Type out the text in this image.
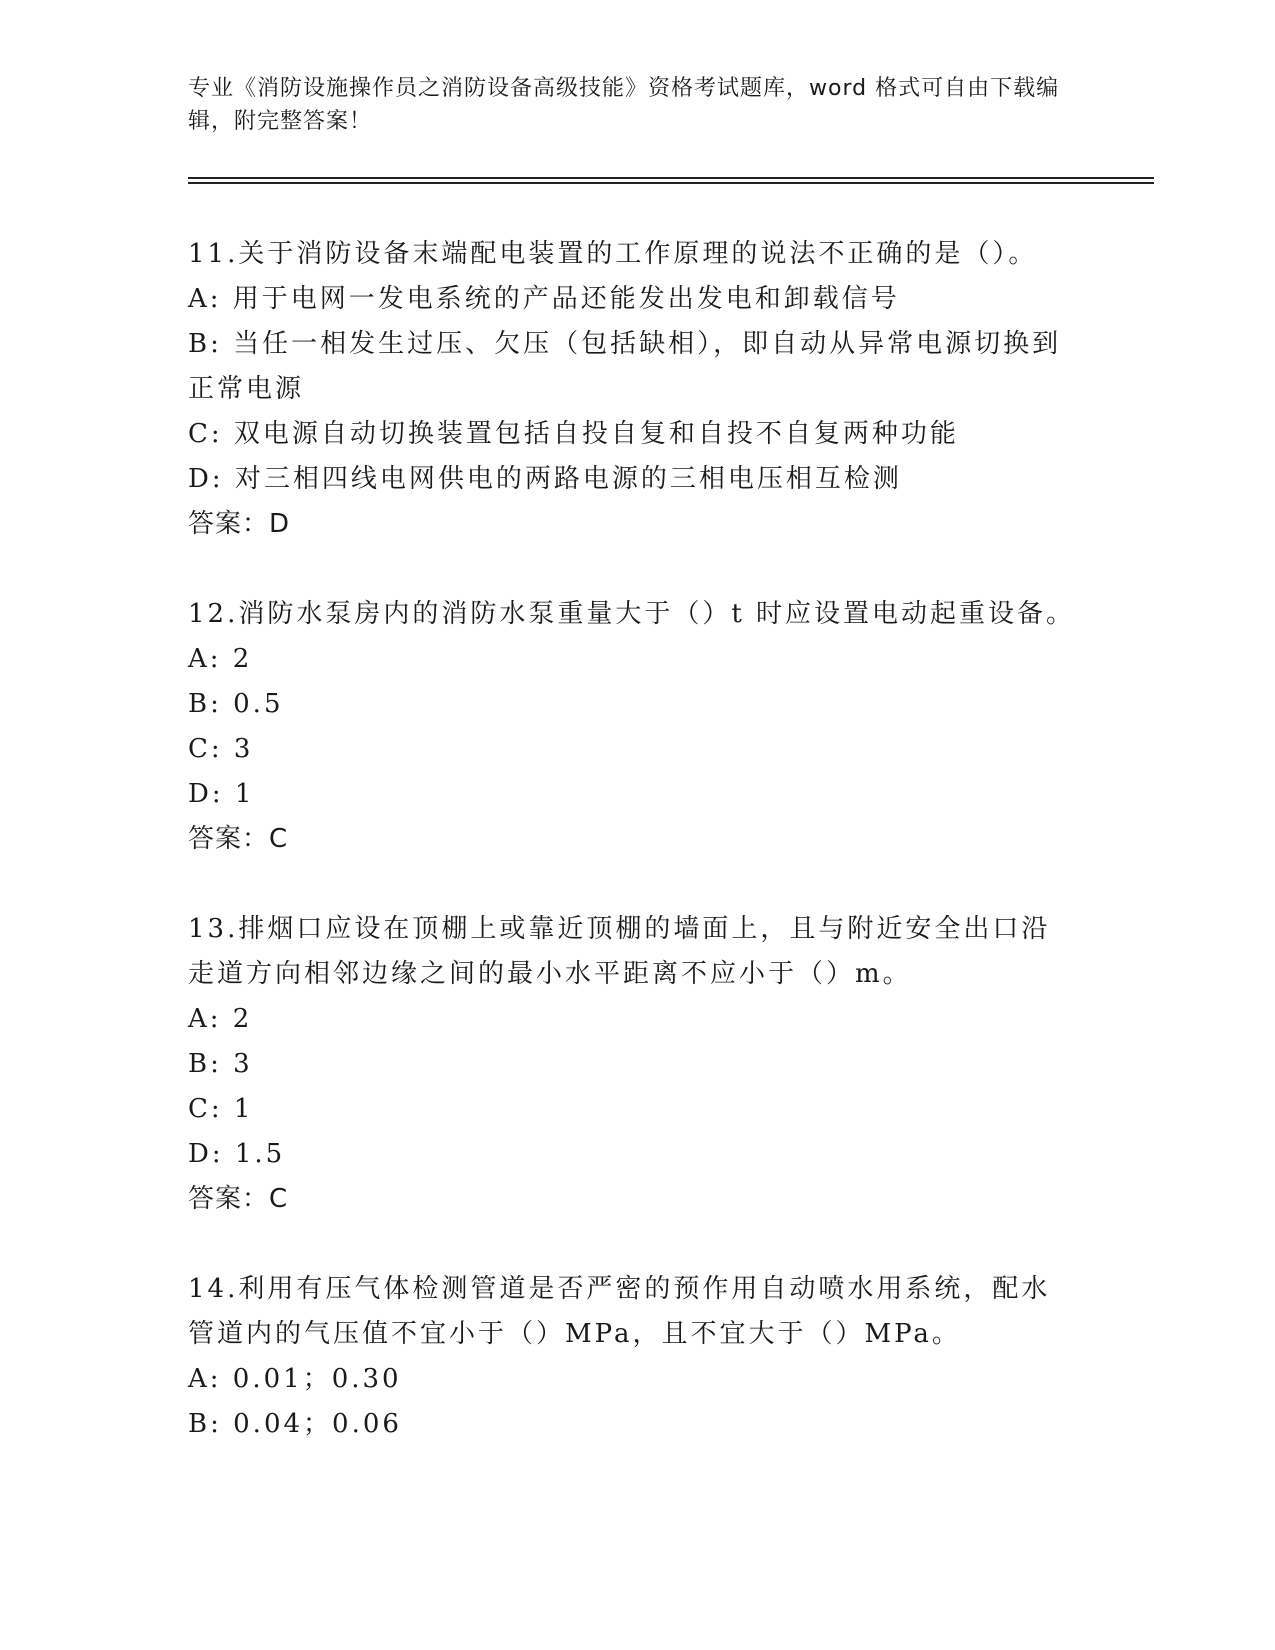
专业《消防设施操作员之消防设备高级技能》资格考试题库，word 格式可自由下载编辑，附完整答案！
11.关于消防设备末端配电装置的工作原理的说法不正确的是（）。
A: 用于电网一发电系统的产品还能发出发电和卸载信号
B: 当任一相发生过压、欠压（包括缺相），即自动从异常电源切换到正常电源
C: 双电源自动切换装置包括自投自复和自投不自复两种功能
D: 对三相四线电网供电的两路电源的三相电压相互检测
答案：D
12.消防水泵房内的消防水泵重量大于（）t 时应设置电动起重设备。
A: 2
B: 0.5
C: 3
D: 1
答案：C
13.排烟口应设在顶棚上或靠近顶棚的墙面上，且与附近安全出口沿走道方向相邻边缘之间的最小水平距离不应小于（）m。
A: 2
B: 3
C: 1
D: 1.5
答案：C
14.利用有压气体检测管道是否严密的预作用自动喷水用系统，配水管道内的气压值不宜小于（）MPa，且不宜大于（）MPa。
A: 0.01；0.30
B: 0.04；0.06
